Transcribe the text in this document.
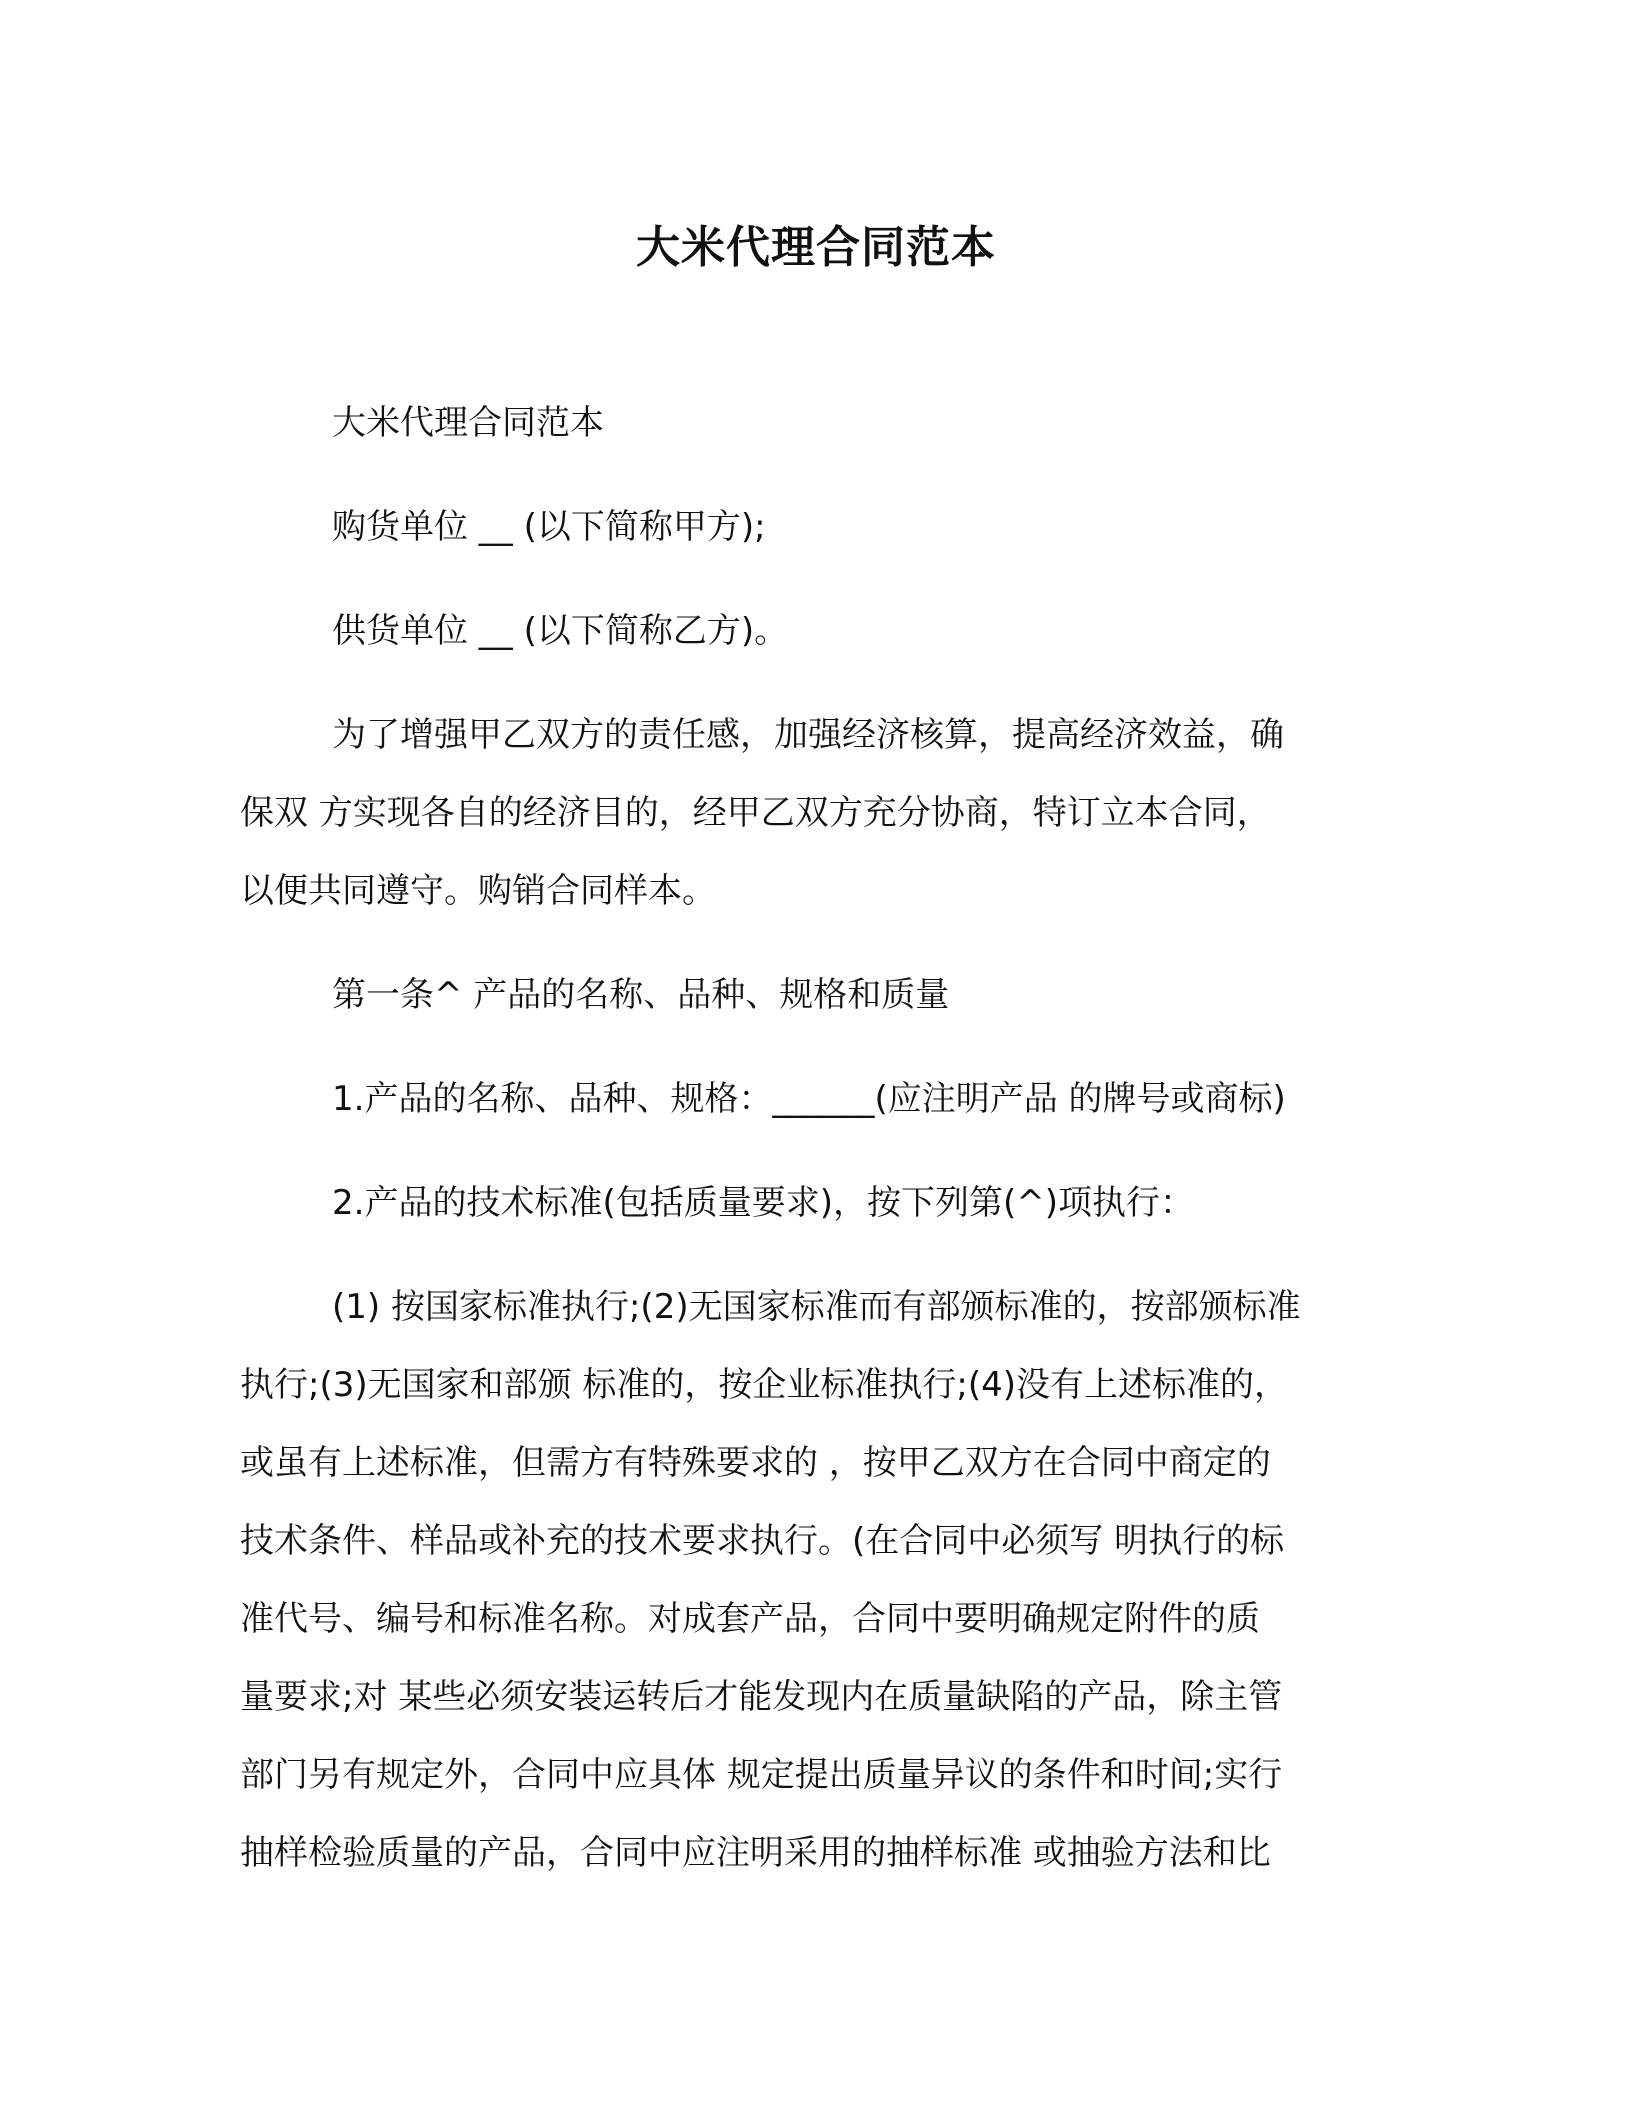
大米代理合同范本

大米代理合同范本

购货单位 __ (以下简称甲方);

供货单位 __ (以下简称乙方)。

为了增强甲乙双方的责任感，加强经济核算，提高经济效益，确
保双 方实现各自的经济目的，经甲乙双方充分协商，特订立本合同，
以便共同遵守。购销合同样本。

第一条^ 产品的名称、品种、规格和质量

1.产品的名称、品种、规格：______(应注明产品 的牌号或商标)

2.产品的技术标准(包括质量要求)，按下列第(^)项执行：

(1) 按国家标准执行;(2)无国家标准而有部颁标准的，按部颁标准
执行;(3)无国家和部颁 标准的，按企业标准执行;(4)没有上述标准的，
或虽有上述标准，但需方有特殊要求的 ，按甲乙双方在合同中商定的
技术条件、样品或补充的技术要求执行。(在合同中必须写 明执行的标
准代号、编号和标准名称。对成套产品，合同中要明确规定附件的质
量要求;对 某些必须安装运转后才能发现内在质量缺陷的产品，除主管
部门另有规定外，合同中应具体 规定提出质量异议的条件和时间;实行
抽样检验质量的产品，合同中应注明采用的抽样标准 或抽验方法和比
